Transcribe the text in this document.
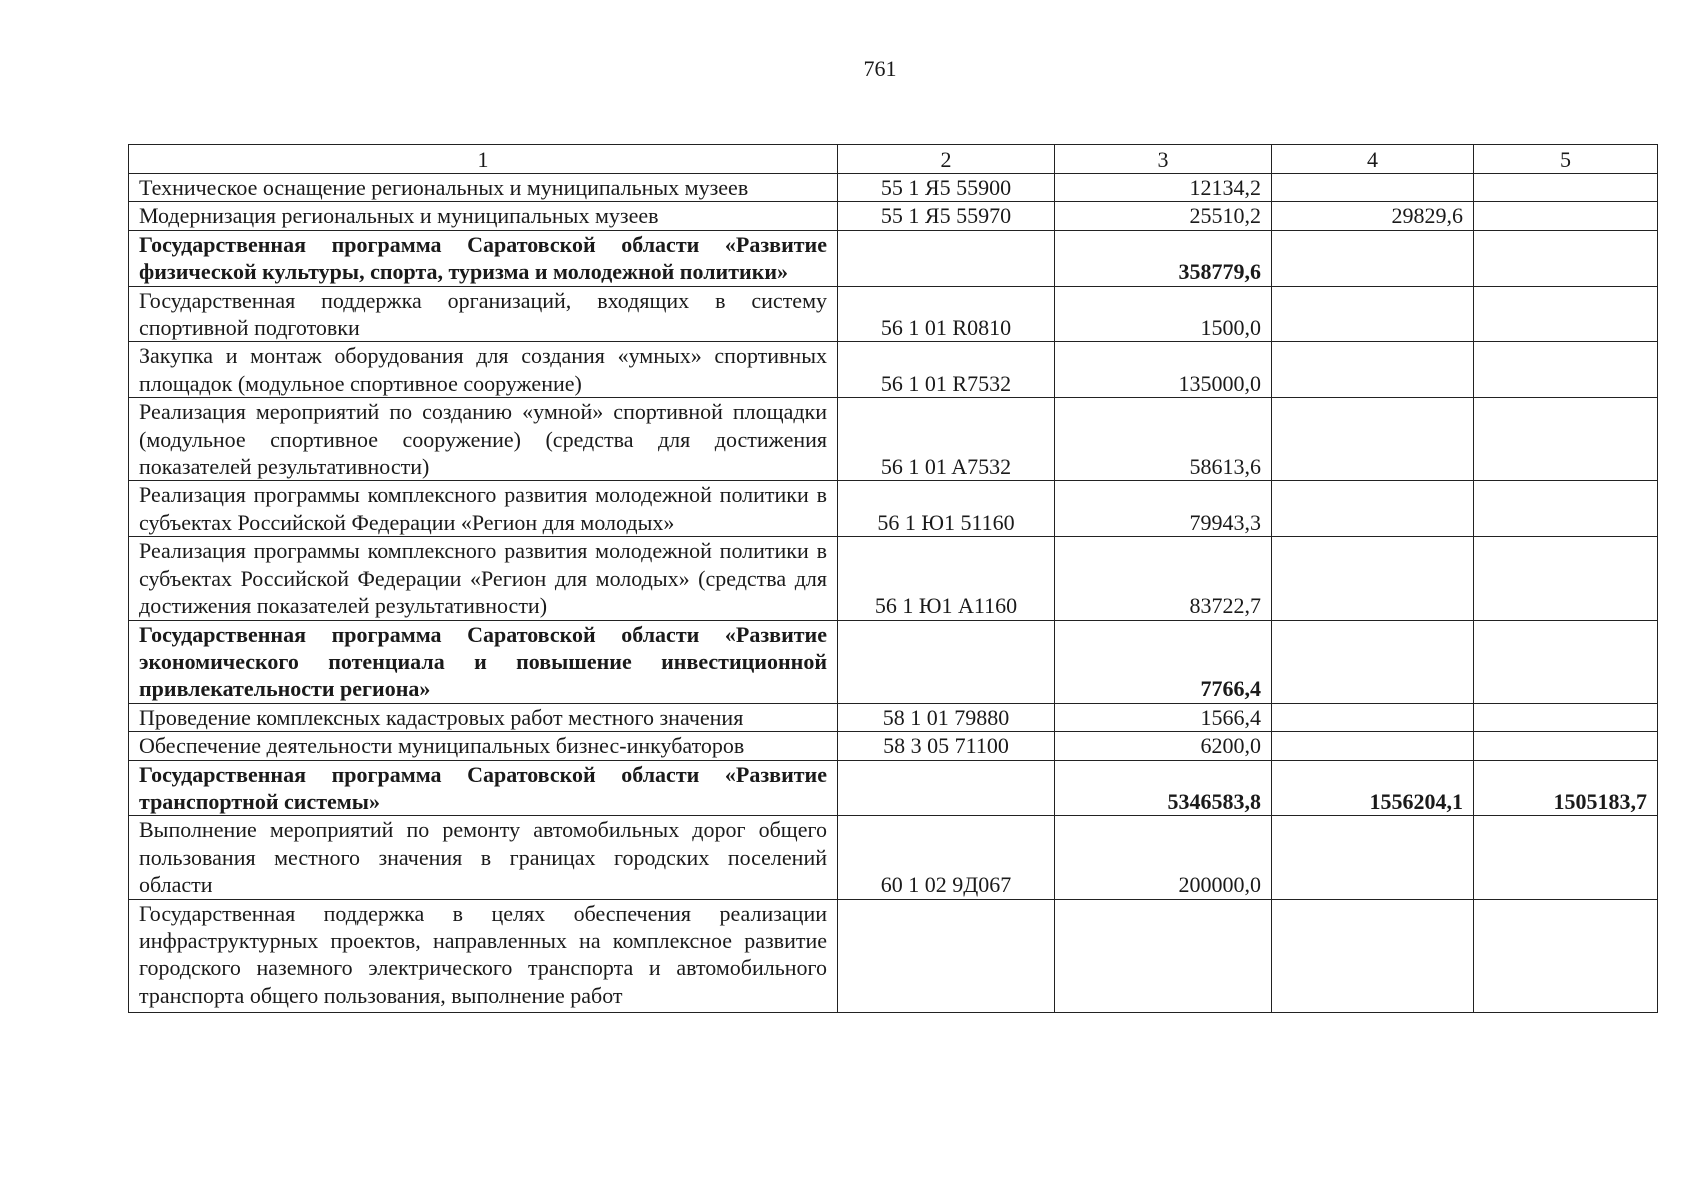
761
1	2	3	4	5
Техническое оснащение региональных и муниципальных музеев	55 1 Я5 55900	12134,2		
Модернизация региональных и муниципальных музеев	55 1 Я5 55970	25510,2	29829,6	
Государственная программа Саратовской области «Развитие физической культуры, спорта, туризма и молодежной политики»		358779,6		
Государственная поддержка организаций, входящих в систему спортивной подготовки	56 1 01 R0810	1500,0		
Закупка и монтаж оборудования для создания «умных» спортивных площадок (модульное спортивное сооружение)	56 1 01 R7532	135000,0		
Реализация мероприятий по созданию «умной» спортивной площадки (модульное спортивное сооружение) (средства для достижения показателей результативности)	56 1 01 A7532	58613,6		
Реализация программы комплексного развития молодежной политики в субъектах Российской Федерации «Регион для молодых»	56 1 Ю1 51160	79943,3		
Реализация программы комплексного развития молодежной политики в субъектах Российской Федерации «Регион для молодых» (средства для достижения показателей результативности)	56 1 Ю1 A1160	83722,7		
Государственная программа Саратовской области «Развитие экономического потенциала и повышение инвестиционной привлекательности региона»		7766,4		
Проведение комплексных кадастровых работ местного значения	58 1 01 79880	1566,4		
Обеспечение деятельности муниципальных бизнес-инкубаторов	58 3 05 71100	6200,0		
Государственная программа Саратовской области «Развитие транспортной системы»		5346583,8	1556204,1	1505183,7
Выполнение мероприятий по ремонту автомобильных дорог общего пользования местного значения в границах городских поселений области	60 1 02 9Д067	200000,0		
Государственная поддержка в целях обеспечения реализации инфраструктурных проектов, направленных на комплексное развитие городского наземного электрического транспорта и автомобильного транспорта общего пользования, выполнение работ				
